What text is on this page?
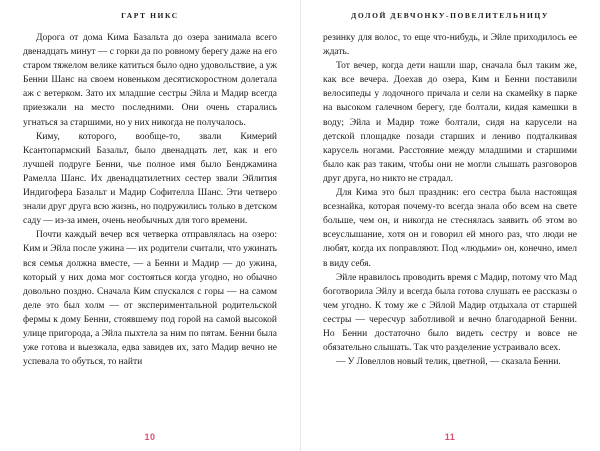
ГАРТ НИКС

Дорога от дома Кима Базальта до озера занимала всего двенадцать минут — с горки да по ровному берегу даже на его старом тяжелом велике катиться было одно удовольствие, а уж Бенни Шанс на своем новеньком десятискоростном долетала аж с ветерком. Зато их младшие сестры Эйла и Мадир всегда приезжали на место последними. Они очень старались угнаться за старшими, но у них никогда не получалось.

Киму, которого, вообще-то, звали Кимерий Ксантопармский Базальт, было двенадцать лет, как и его лучшей подруге Бенни, чье полное имя было Бенджамина Рамелла Шанс. Их двенадцатилетних сестер звали Эйлития Индигофера Базальт и Мадир Софителла Шанс. Эти четверо знали друг друга всю жизнь, но подружились только в детском саду — из-за имен, очень необычных для того времени.

Почти каждый вечер вся четверка отправлялась на озеро: Ким и Эйла после ужина — их родители считали, что ужинать вся семья должна вместе, — а Бенни и Мадир — до ужина, который у них дома мог состояться когда угодно, но обычно довольно поздно. Сначала Ким спускался с горы — на самом деле это был холм — от экспериментальной родительской фермы к дому Бенни, стоявшему под горой на самой высокой улице пригорода, а Эйла пыхтела за ним по пятам. Бенни была уже готова и выезжала, едва завидев их, зато Мадир вечно не успевала то обуться, то найти

10
ДОЛОЙ ДЕВЧОНКУ-ПОВЕЛИТЕЛЬНИЦУ

резинку для волос, то еще что-нибудь, и Эйле приходилось ее ждать.

Тот вечер, когда дети нашли шар, сначала был таким же, как все вечера. Доехав до озера, Ким и Бенни поставили велосипеды у лодочного причала и сели на скамейку в парке на высоком галечном берегу, где болтали, кидая камешки в воду; Эйла и Мадир тоже болтали, сидя на карусели на детской площадке позади старших и лениво подталкивая карусель ногами. Расстояние между младшими и старшими было как раз таким, чтобы они не могли слышать разговоров друг друга, но никто не страдал.

Для Кима это был праздник: его сестра была настоящая всезнайка, которая почему-то всегда знала обо всем на свете больше, чем он, и никогда не стеснялась заявить об этом во всеуслышание, хотя он и говорил ей много раз, что люди не любят, когда их поправляют. Под «людьми» он, конечно, имел в виду себя.

Эйле нравилось проводить время с Мадир, потому что Мад боготворила Эйлу и всегда была готова слушать ее рассказы о чем угодно. К тому же с Эйлой Мадир отдыхала от старшей сестры — чересчур заботливой и вечно благодарной Бенни. Но Бенни достаточно было видеть сестру и вовсе не обязательно слышать. Так что разделение устраивало всех.

— У Ловеллов новый телик, цветной, — сказала Бенни.

11
